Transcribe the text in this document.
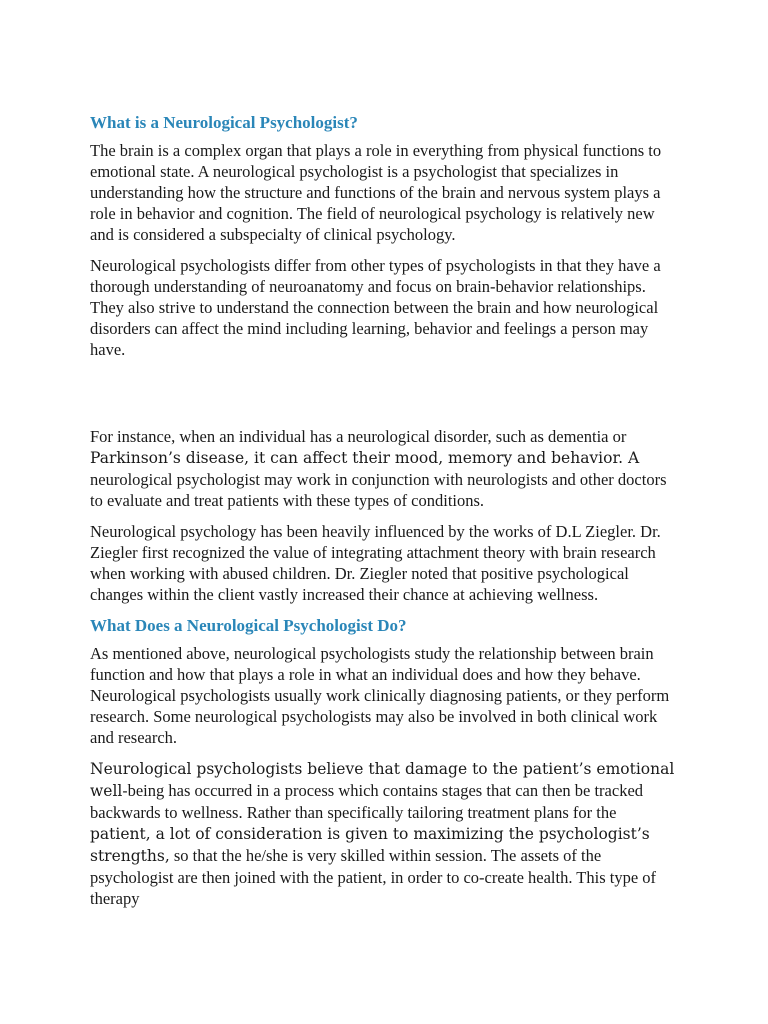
What is a Neurological Psychologist?

The brain is a complex organ that plays a role in everything from physical functions to emotional state. A neurological psychologist is a psychologist that specializes in understanding how the structure and functions of the brain and nervous system plays a role in behavior and cognition. The field of neurological psychology is relatively new and is considered a subspecialty of clinical psychology.

Neurological psychologists differ from other types of psychologists in that they have a thorough understanding of neuroanatomy and focus on brain-behavior relationships. They also strive to understand the connection between the brain and how neurological disorders can affect the mind including learning, behavior and feelings a person may have.

For instance, when an individual has a neurological disorder, such as dementia or Parkinson’s disease, it can affect their mood, memory and behavior. A neurological psychologist may work in conjunction with neurologists and other doctors to evaluate and treat patients with these types of conditions.

Neurological psychology has been heavily influenced by the works of D.L Ziegler. Dr. Ziegler first recognized the value of integrating attachment theory with brain research when working with abused children. Dr. Ziegler noted that positive psychological changes within the client vastly increased their chance at achieving wellness.

What Does a Neurological Psychologist Do?

As mentioned above, neurological psychologists study the relationship between brain function and how that plays a role in what an individual does and how they behave. Neurological psychologists usually work clinically diagnosing patients, or they perform research. Some neurological psychologists may also be involved in both clinical work and research.

Neurological psychologists believe that damage to the patient’s emotional well-being has occurred in a process which contains stages that can then be tracked backwards to wellness. Rather than specifically tailoring treatment plans for the patient, a lot of consideration is given to maximizing the psychologist’s strengths, so that the he/she is very skilled within session. The assets of the psychologist are then joined with the patient, in order to co-create health. This type of therapy
